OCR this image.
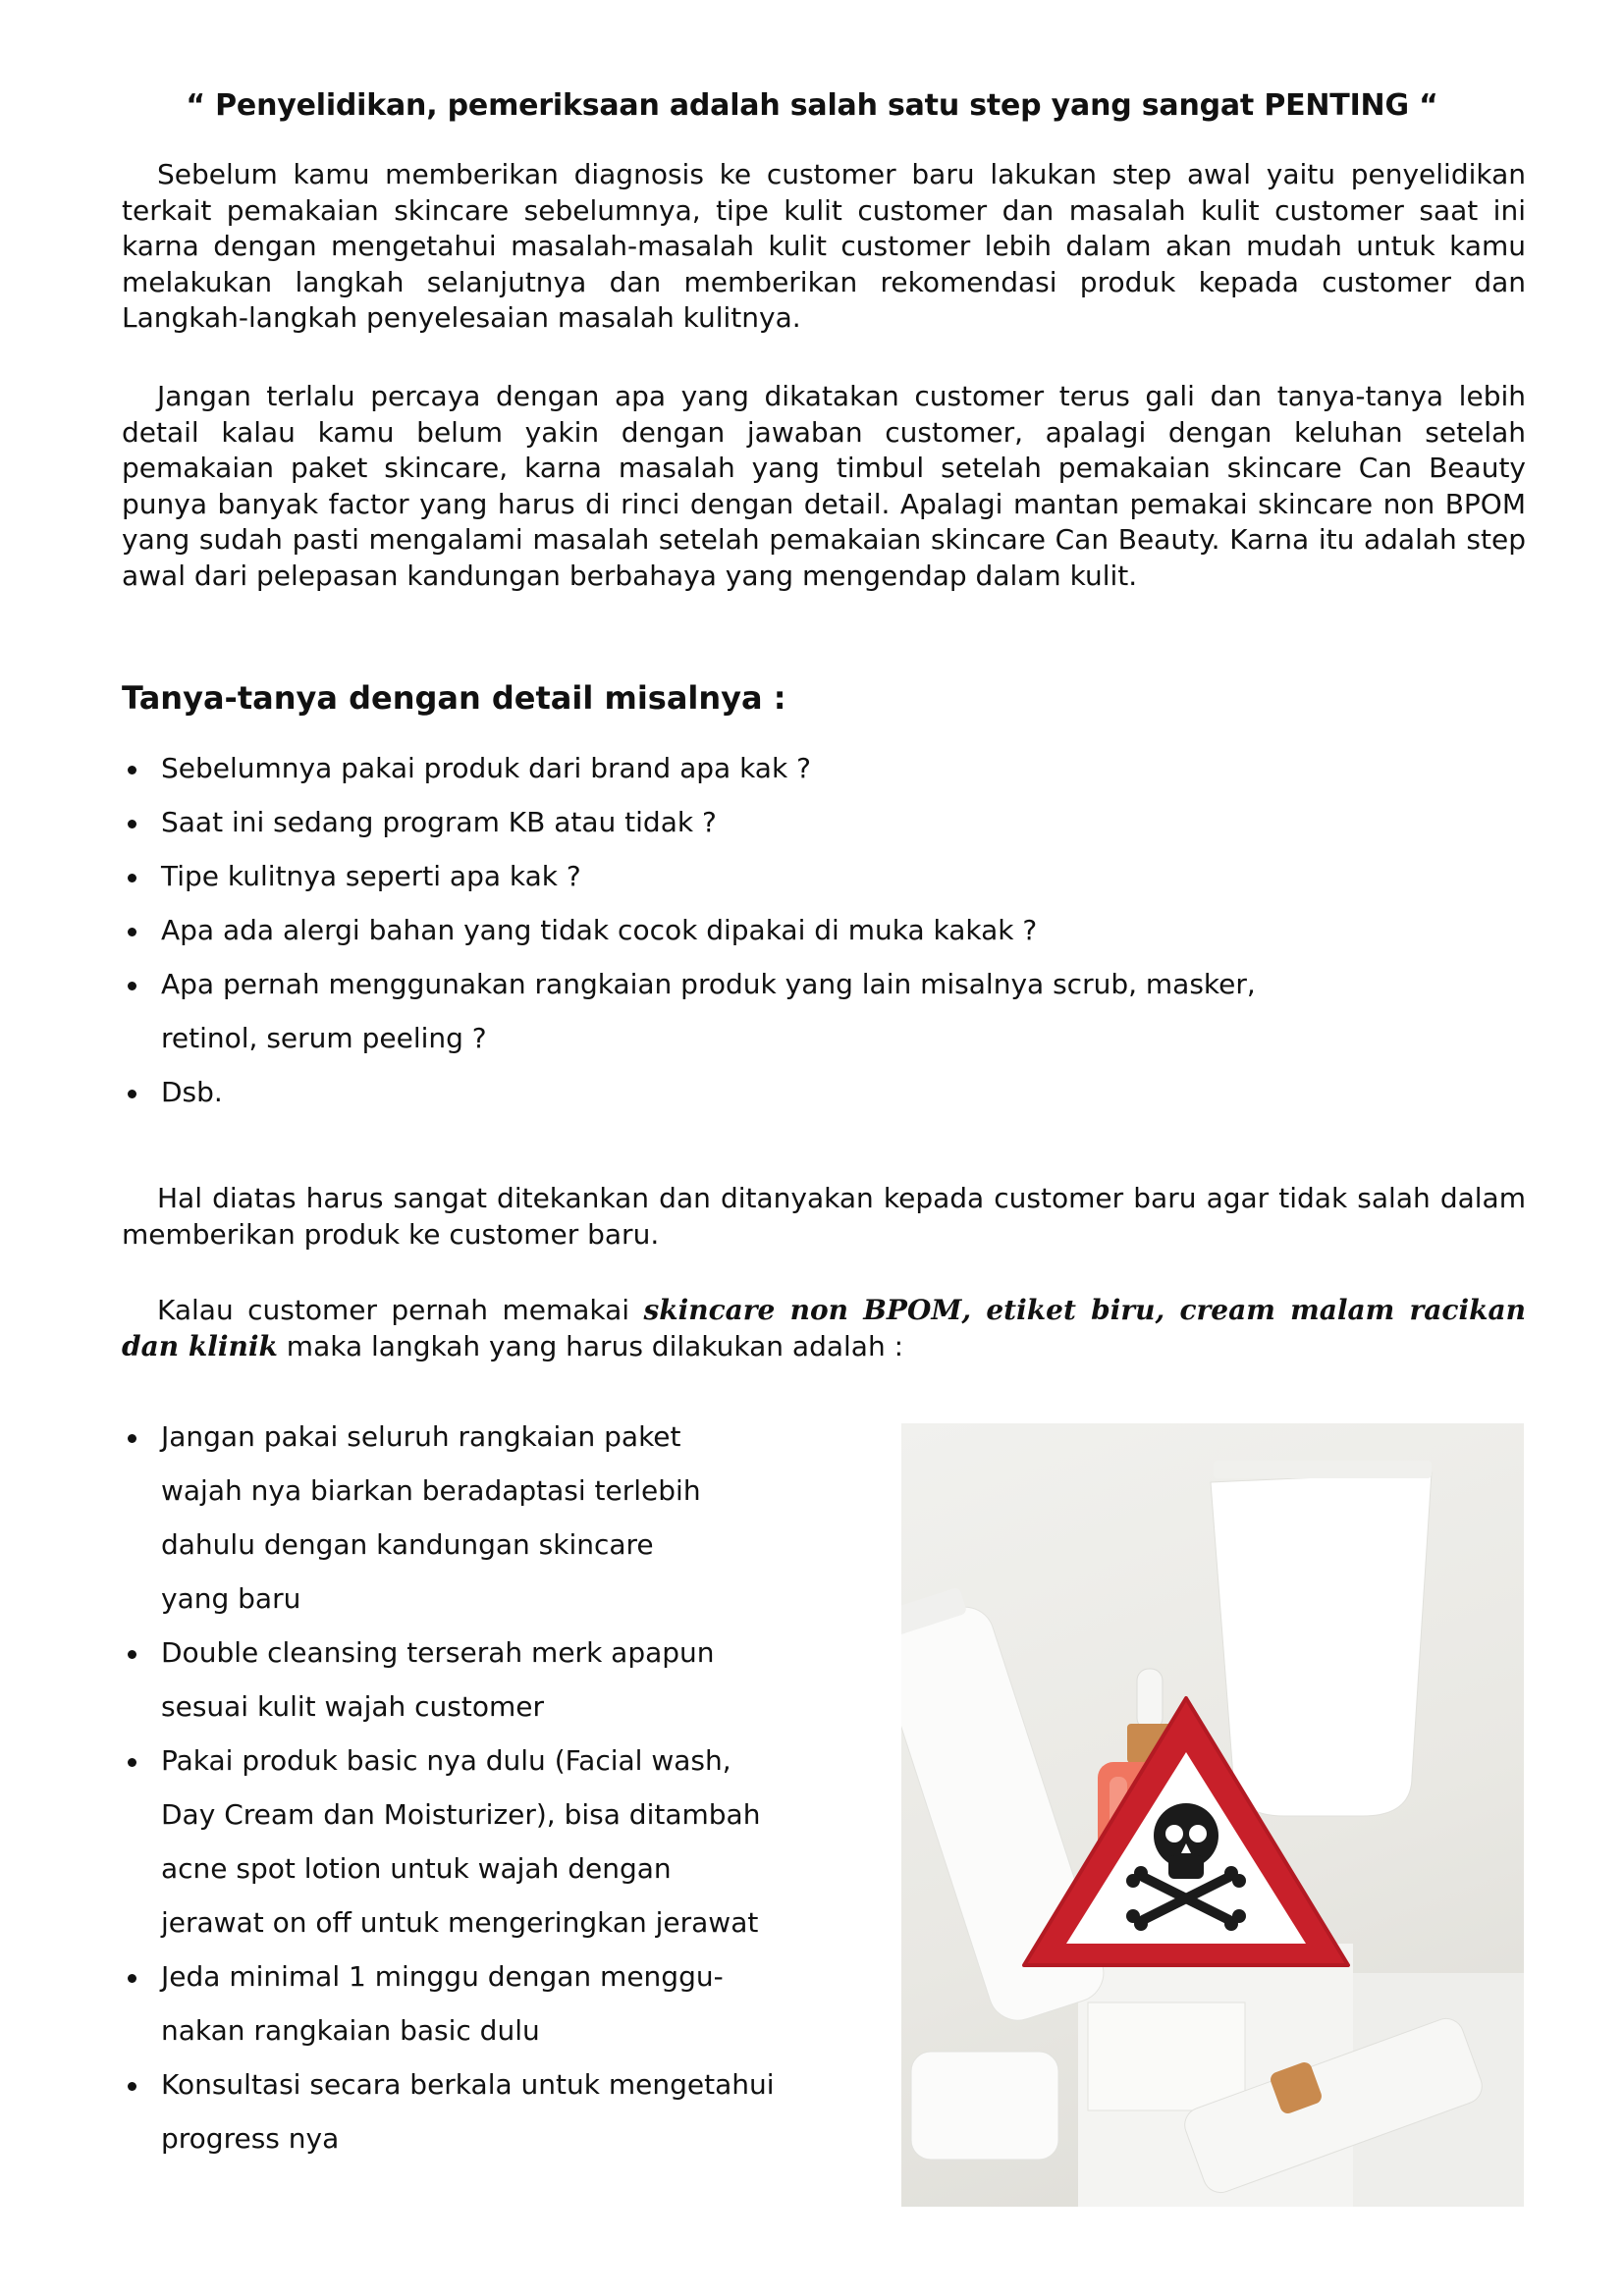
“ Penyelidikan, pemeriksaan adalah salah satu step yang sangat PENTING “

Sebelum kamu memberikan diagnosis ke customer baru lakukan step awal yaitu penyelidikan terkait pemakaian skincare sebelumnya, tipe kulit customer dan masalah kulit customer saat ini karna dengan mengetahui masalah-masalah kulit customer lebih dalam akan mudah untuk kamu melakukan langkah selanjutnya dan memberikan rekomendasi produk kepada customer dan Langkah-langkah penyelesaian masalah kulitnya.

Jangan terlalu percaya dengan apa yang dikatakan customer terus gali dan tanya-tanya lebih detail kalau kamu belum yakin dengan jawaban customer, apalagi dengan keluhan setelah pemakaian paket skincare, karna masalah yang timbul setelah pemakaian skincare Can Beauty punya banyak factor yang harus di rinci dengan detail. Apalagi mantan pemakai skincare non BPOM yang sudah pasti mengalami masalah setelah pemakaian skincare Can Beauty. Karna itu adalah step awal dari pelepasan kandungan berbahaya yang mengendap dalam kulit.

Tanya-tanya dengan detail misalnya :
Sebelumnya pakai produk dari brand apa kak ?
Saat ini sedang program KB atau tidak ?
Tipe kulitnya seperti apa kak ?
Apa ada alergi bahan yang tidak cocok dipakai di muka kakak ?
Apa pernah menggunakan rangkaian produk yang lain misalnya scrub, masker, retinol, serum peeling ?
Dsb.

Hal diatas harus sangat ditekankan dan ditanyakan kepada customer baru agar tidak salah dalam memberikan produk ke customer baru.

Kalau customer pernah memakai skincare non BPOM, etiket biru, cream malam racikan dan klinik maka langkah yang harus dilakukan adalah :

Jangan pakai seluruh rangkaian paket
wajah nya biarkan beradaptasi terlebih
dahulu dengan kandungan skincare
yang baru
Double cleansing terserah merk apapun
sesuai kulit wajah customer
Pakai produk basic nya dulu (Facial wash,
Day Cream dan Moisturizer), bisa ditambah
acne spot lotion untuk wajah dengan
jerawat on off untuk mengeringkan jerawat
Jeda minimal 1 minggu dengan menggu-
nakan rangkaian basic dulu
Konsultasi secara berkala untuk mengetahui
progress nya
